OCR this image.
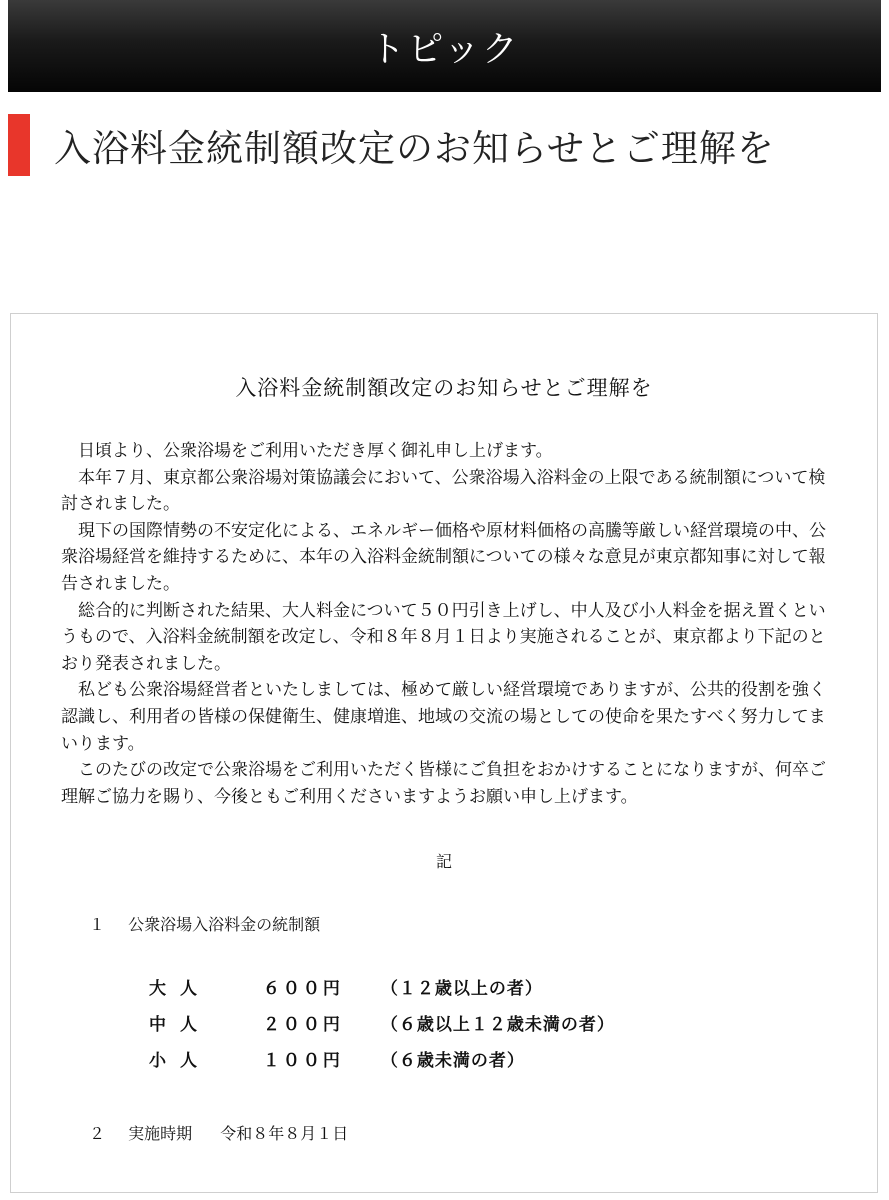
トピック
入浴料金統制額改定のお知らせとご理解を
入浴料金統制額改定のお知らせとご理解を

日頃より、公衆浴場をご利用いただき厚く御礼申し上げます。

本年７月、東京都公衆浴場対策協議会において、公衆浴場入浴料金の上限である統制額について検討されました。

現下の国際情勢の不安定化による、エネルギー価格や原材料価格の高騰等厳しい経営環境の中、公衆浴場経営を維持するために、本年の入浴料金統制額についての様々な意見が東京都知事に対して報告されました。

総合的に判断された結果、大人料金について５０円引き上げし、中人及び小人料金を据え置くというもので、入浴料金統制額を改定し、令和８年８月１日より実施されることが、東京都より下記のとおり発表されました。

私ども公衆浴場経営者といたしましては、極めて厳しい経営環境でありますが、公共的役割を強く認識し、利用者の皆様の保健衛生、健康増進、地域の交流の場としての使命を果たすべく努力してまいります。

このたびの改定で公衆浴場をご利用いただく皆様にご負担をおかけすることになりますが、何卒ご理解ご協力を賜り、今後ともご利用くださいますようお願い申し上げます。

記
１ 公衆浴場入浴料金の統制額
大人	６００円 （１２歳以上の者）
中人	２００円 （６歳以上１２歳未満の者）
小人	１００円 （６歳未満の者）
２ 実施時期 令和８年８月１日
